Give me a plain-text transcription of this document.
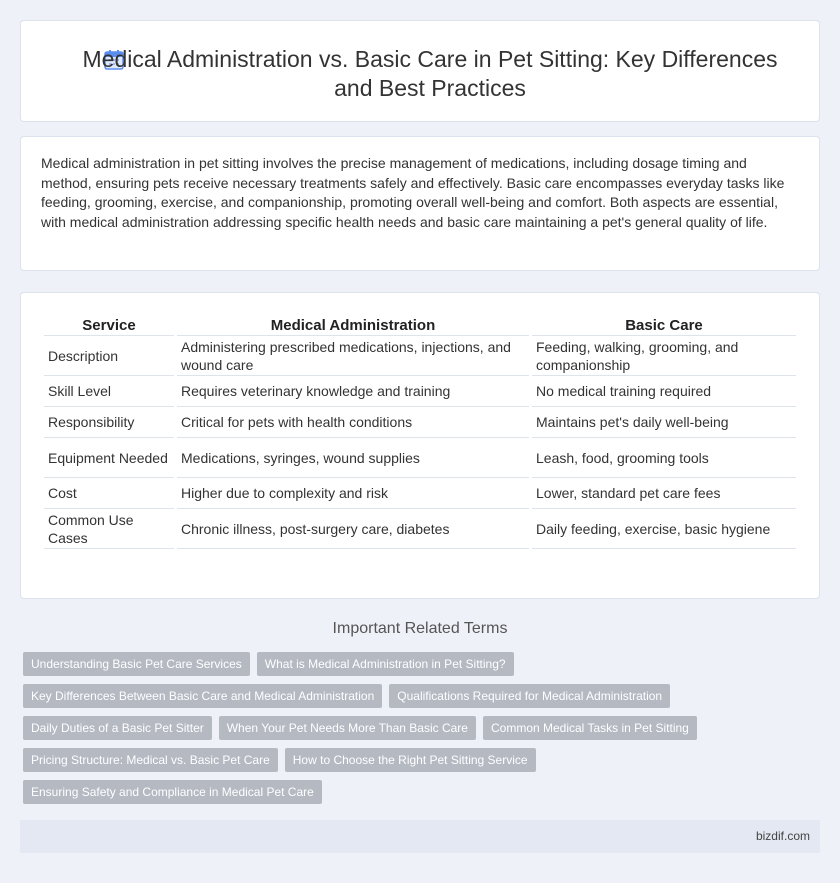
Medical Administration vs. Basic Care in Pet Sitting: Key Differences and Best Practices

Medical administration in pet sitting involves the precise management of medications, including dosage timing and method, ensuring pets receive necessary treatments safely and effectively. Basic care encompasses everyday tasks like feeding, grooming, exercise, and companionship, promoting overall well-being and comfort. Both aspects are essential, with medical administration addressing specific health needs and basic care maintaining a pet's general quality of life.

Service	Medical Administration	Basic Care
Description	Administering prescribed medications, injections, and wound care	Feeding, walking, grooming, and companionship
Skill Level	Requires veterinary knowledge and training	No medical training required
Responsibility	Critical for pets with health conditions	Maintains pet's daily well-being
Equipment Needed	Medications, syringes, wound supplies	Leash, food, grooming tools
Cost	Higher due to complexity and risk	Lower, standard pet care fees
Common Use Cases	Chronic illness, post-surgery care, diabetes	Daily feeding, exercise, basic hygiene
Important Related Terms
Understanding Basic Pet Care Services	What is Medical Administration in Pet Sitting?
Key Differences Between Basic Care and Medical Administration	Qualifications Required for Medical Administration
Daily Duties of a Basic Pet Sitter	When Your Pet Needs More Than Basic Care	Common Medical Tasks in Pet Sitting
Pricing Structure: Medical vs. Basic Pet Care	How to Choose the Right Pet Sitting Service
Ensuring Safety and Compliance in Medical Pet Care
bizdif.com
